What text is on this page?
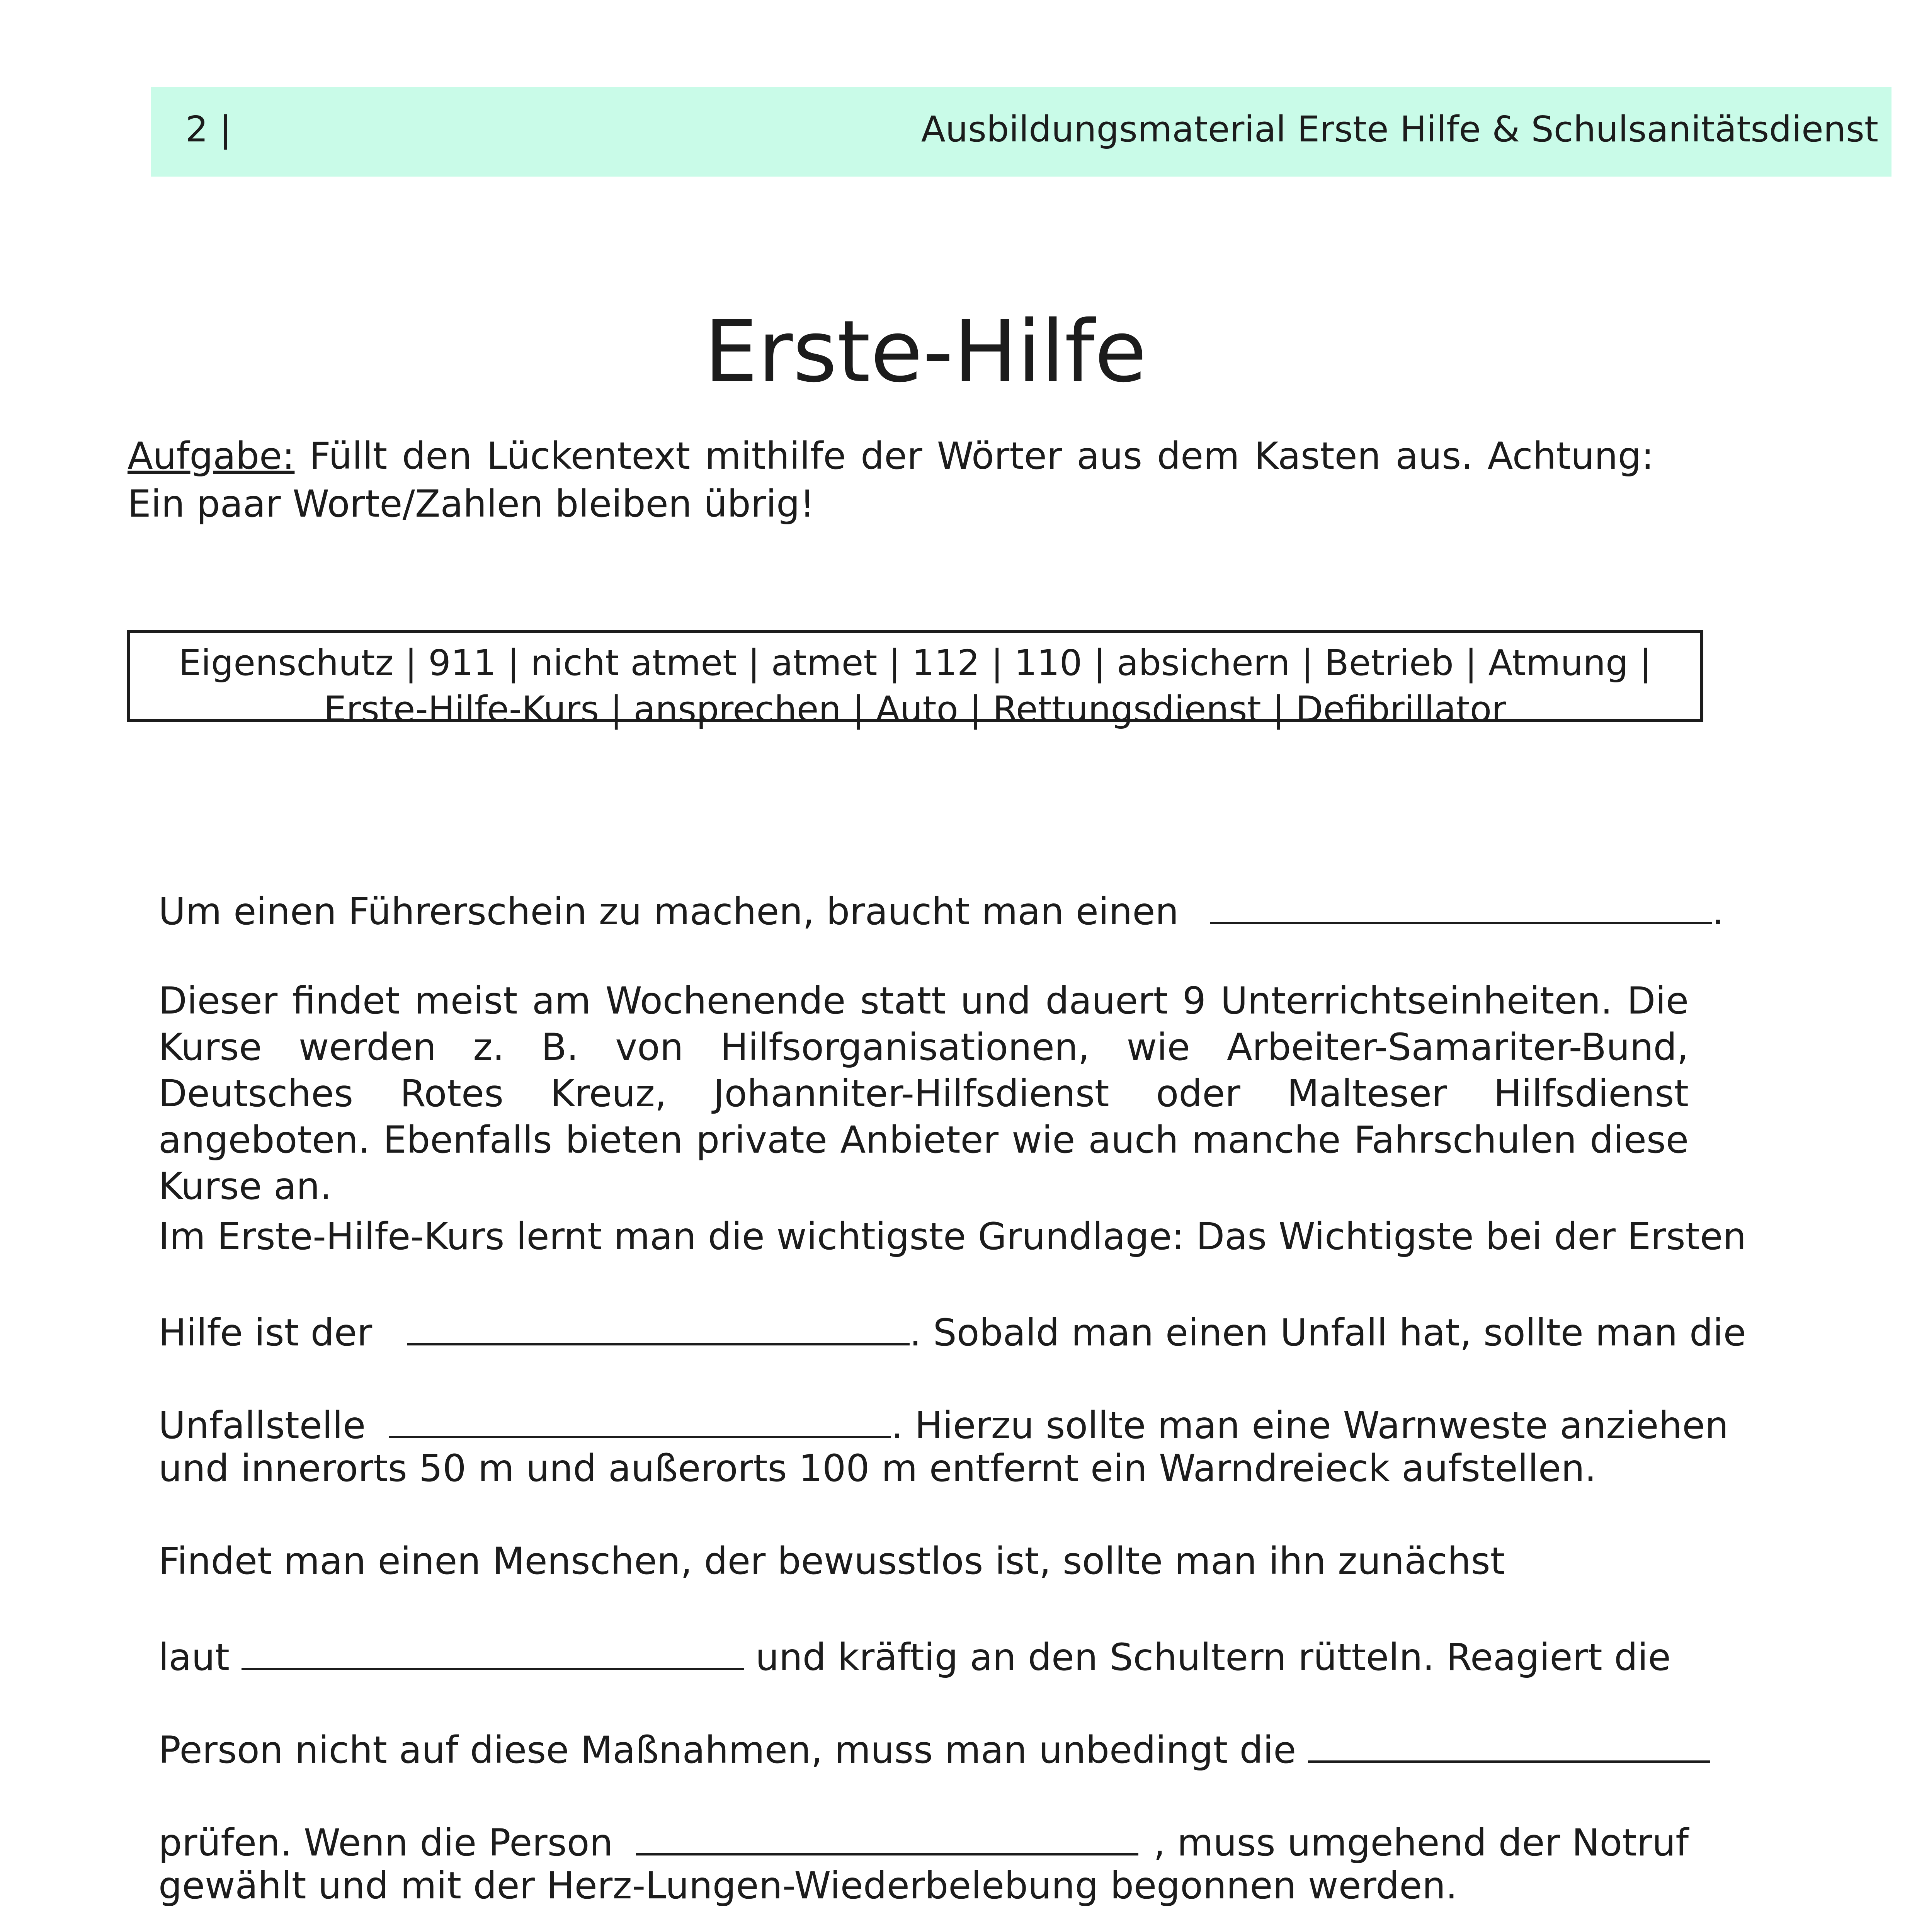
2 |	Ausbildungsmaterial Erste Hilfe & Schulsanitätsdienst
Erste-Hilfe
Aufgabe: Füllt den Lückentext mithilfe der Wörter aus dem Kasten aus. Achtung: Ein paar Worte/Zahlen bleiben übrig!
Eigenschutz | 911 | nicht atmet | atmet | 112 | 110 | absichern | Betrieb | Atmung |
Erste-Hilfe-Kurs | ansprechen | Auto | Rettungsdienst | Defibrillator
Um einen Führerschein zu machen, braucht man einen	.
Dieser findet meist am Wochenende statt und dauert 9 Unterrichtseinheiten. Die Kurse werden z. B. von Hilfsorganisationen, wie Arbeiter-Samariter-Bund, Deutsches Rotes Kreuz, Johanniter-Hilfsdienst oder Malteser Hilfsdienst angeboten. Ebenfalls bieten private Anbieter wie auch manche Fahrschulen diese Kurse an.
Im Erste-Hilfe-Kurs lernt man die wichtigste Grundlage: Das Wichtigste bei der Ersten
Hilfe ist der	. Sobald man einen Unfall hat, sollte man die
Unfallstelle	. Hierzu sollte man eine Warnweste anziehen
und innerorts 50 m und außerorts 100 m entfernt ein Warndreieck aufstellen.
Findet man einen Menschen, der bewusstlos ist, sollte man ihn zunächst
laut	und kräftig an den Schultern rütteln. Reagiert die
Person nicht auf diese Maßnahmen, muss man unbedingt die
prüfen. Wenn die Person	, muss umgehend der Notruf
gewählt und mit der Herz-Lungen-Wiederbelebung begonnen werden.
